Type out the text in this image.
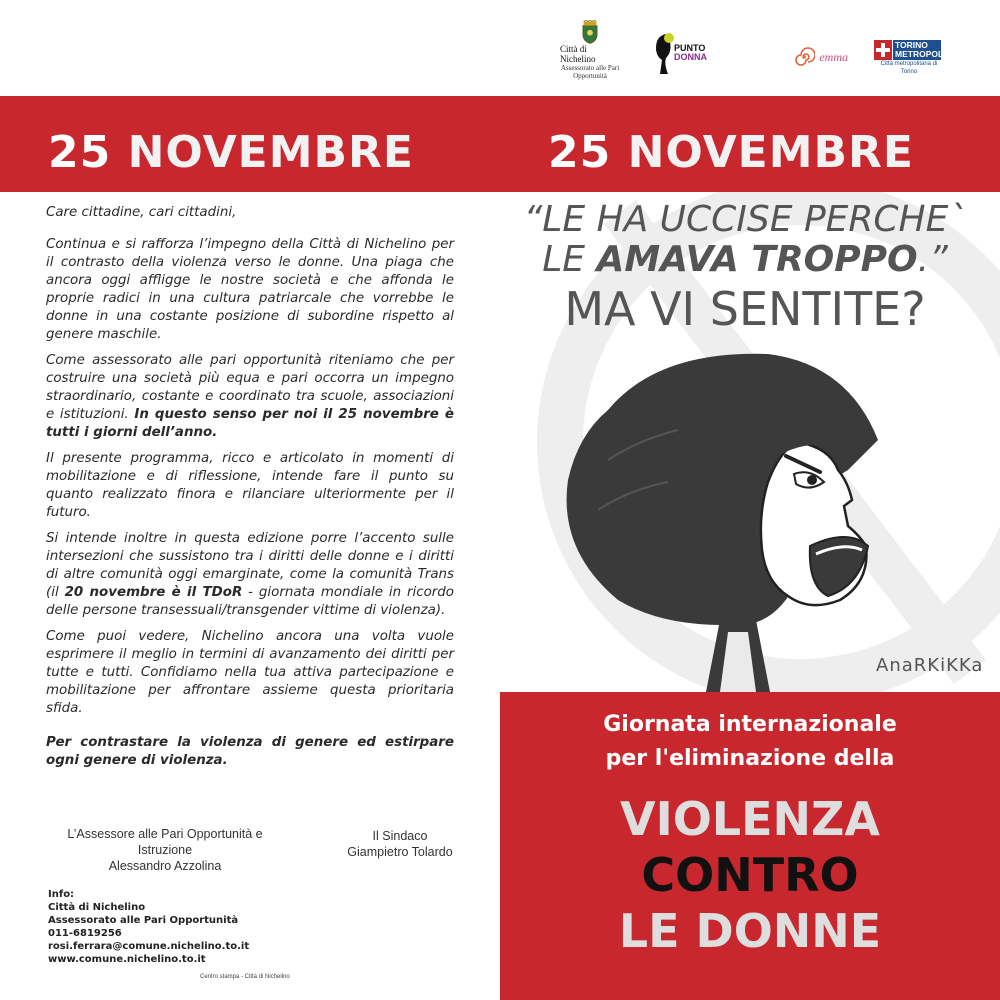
Città di Nichelino
Assessorato alle Pari Opportunità
PUNTO
DONNA	emma
TORINO METROPOLI
Città metropolitana di Torino
25 NOVEMBRE	25 NOVEMBRE

Care cittadine, cari cittadini,

Continua e si rafforza l’impegno della Città di Nichelino per il contrasto della violenza verso le donne. Una piaga che ancora oggi affligge le nostre società e che affonda le proprie radici in una cultura patriarcale che vorrebbe le donne in una costante posizione di subordine rispetto al genere maschile.

Come assessorato alle pari opportunità riteniamo che per costruire una società più equa e pari occorra un impegno straordinario, costante e coordinato tra scuole, associazioni e istituzioni. In questo senso per noi il 25 novembre è tutti i giorni dell’anno.

Il presente programma, ricco e articolato in momenti di mobilitazione e di riflessione, intende fare il punto su quanto realizzato finora e rilanciare ulteriormente per il futuro.

Si intende inoltre in questa edizione porre l’accento sulle intersezioni che sussistono tra i diritti delle donne e i diritti di altre comunità oggi emarginate, come la comunità Trans (il 20 novembre è il TDoR - giornata mondiale in ricordo delle persone transessuali/transgender vittime di violenza).

Come puoi vedere, Nichelino ancora una volta vuole esprimere il meglio in termini di avanzamento dei diritti per tutte e tutti. Confidiamo nella tua attiva partecipazione e mobilitazione per affrontare assieme questa prioritaria sfida.

Per contrastare la violenza di genere ed estirpare ogni genere di violenza.

L’Assessore alle Pari Opportunità e Istruzione
Alessandro Azzolina
Il Sindaco
Giampietro Tolardo
Info:
Città di Nichelino
Assessorato alle Pari Opportunità
011-6819256
rosi.ferrara@comune.nichelino.to.it
www.comune.nichelino.to.it
Centro stampa - Città di Nichelino
“LE HA UCCISE PERCHE`
LE AMAVA TROPPO.”
MA VI SENTITE?
AnaRKiKKa
Giornata internazionale
per l'eliminazione della
VIOLENZA
CONTRO
LE DONNE
